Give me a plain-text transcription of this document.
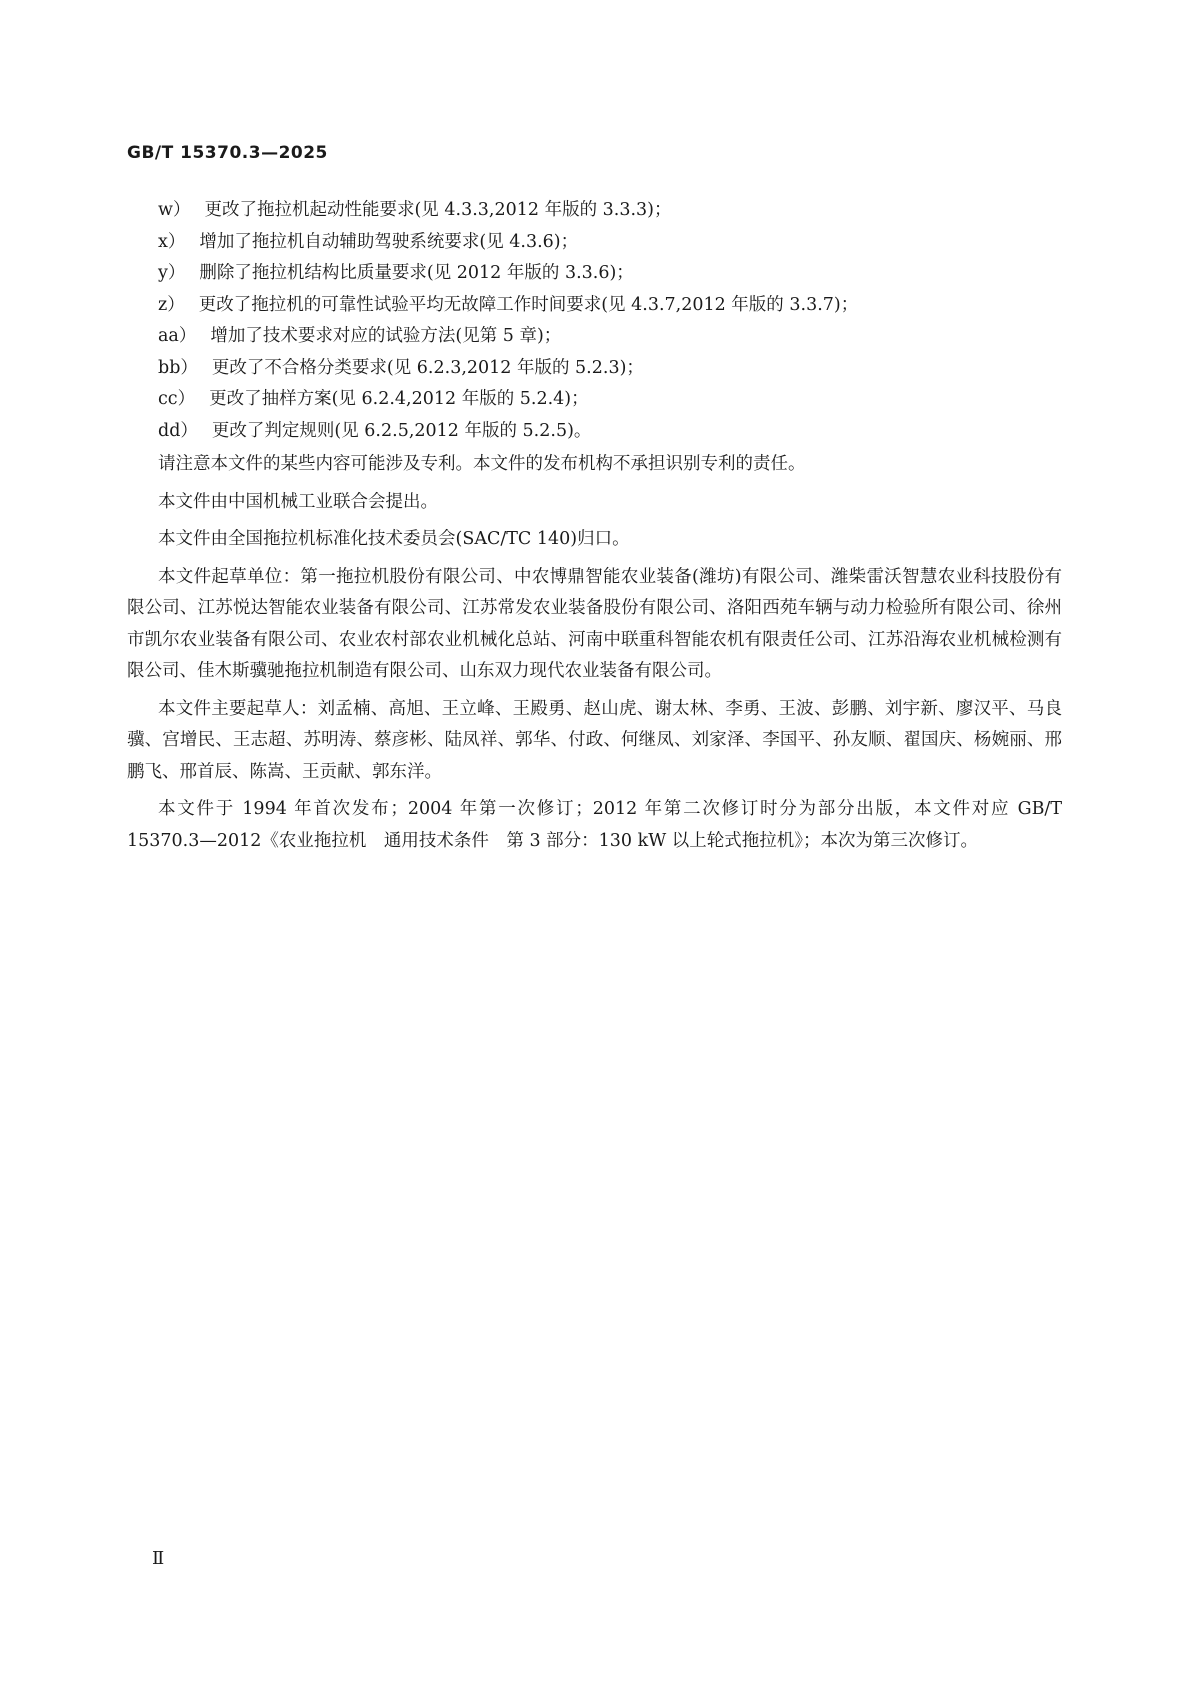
GB/T 15370.3—2025
w） 更改了拖拉机起动性能要求(见 4.3.3,2012 年版的 3.3.3)；
x） 增加了拖拉机自动辅助驾驶系统要求(见 4.3.6)；
y） 删除了拖拉机结构比质量要求(见 2012 年版的 3.3.6)；
z） 更改了拖拉机的可靠性试验平均无故障工作时间要求(见 4.3.7,2012 年版的 3.3.7)；
aa） 增加了技术要求对应的试验方法(见第 5 章)；
bb） 更改了不合格分类要求(见 6.2.3,2012 年版的 5.2.3)；
cc） 更改了抽样方案(见 6.2.4,2012 年版的 5.2.4)；
dd） 更改了判定规则(见 6.2.5,2012 年版的 5.2.5)。

请注意本文件的某些内容可能涉及专利。本文件的发布机构不承担识别专利的责任。

本文件由中国机械工业联合会提出。

本文件由全国拖拉机标准化技术委员会(SAC/TC 140)归口。

本文件起草单位：第一拖拉机股份有限公司、中农博鼎智能农业装备(潍坊)有限公司、潍柴雷沃智慧农业科技股份有限公司、江苏悦达智能农业装备有限公司、江苏常发农业装备股份有限公司、洛阳西苑车辆与动力检验所有限公司、徐州市凯尔农业装备有限公司、农业农村部农业机械化总站、河南中联重科智能农机有限责任公司、江苏沿海农业机械检测有限公司、佳木斯骥驰拖拉机制造有限公司、山东双力现代农业装备有限公司。

本文件主要起草人：刘孟楠、高旭、王立峰、王殿勇、赵山虎、谢太林、李勇、王波、彭鹏、刘宇新、廖汉平、马良骥、宫增民、王志超、苏明涛、蔡彦彬、陆凤祥、郭华、付政、何继凤、刘家泽、李国平、孙友顺、翟国庆、杨婉丽、邢鹏飞、邢首辰、陈嵩、王贡献、郭东洋。

本文件于 1994 年首次发布；2004 年第一次修订；2012 年第二次修订时分为部分出版，本文件对应 GB/T 15370.3—2012《农业拖拉机　通用技术条件　第 3 部分：130 kW 以上轮式拖拉机》；本次为第三次修订。

Ⅱ
